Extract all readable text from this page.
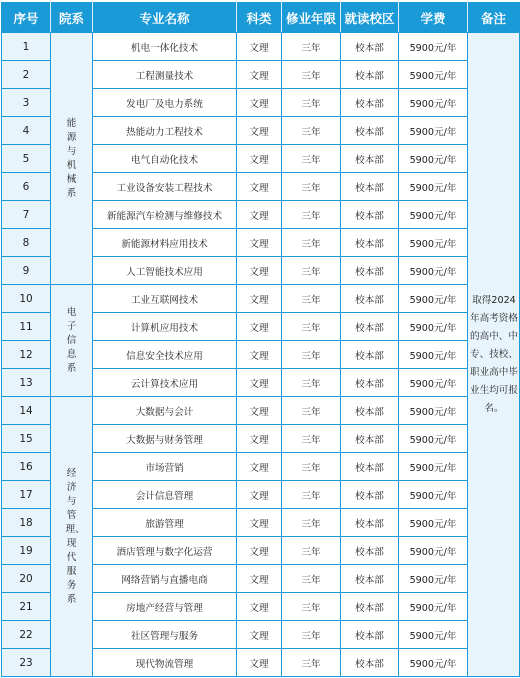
序号	院系	专业名称	科类	修业年限	就读校区	学费	备注
1	能源与机械系	机电一体化技术	文理	三年	校本部	5900元/年	取得2024年高考资格的高中、中专、技校、职业高中毕业生均可报名。
2		工程测量技术	文理	三年	校本部	5900元/年	
3		发电厂及电力系统	文理	三年	校本部	5900元/年	
4		热能动力工程技术	文理	三年	校本部	5900元/年	
5		电气自动化技术	文理	三年	校本部	5900元/年	
6		工业设备安装工程技术	文理	三年	校本部	5900元/年	
7		新能源汽车检测与维修技术	文理	三年	校本部	5900元/年	
8		新能源材料应用技术	文理	三年	校本部	5900元/年	
9		人工智能技术应用	文理	三年	校本部	5900元/年	
10	电子信息系	工业互联网技术	文理	三年	校本部	5900元/年	
11		计算机应用技术	文理	三年	校本部	5900元/年	
12		信息安全技术应用	文理	三年	校本部	5900元/年	
13		云计算技术应用	文理	三年	校本部	5900元/年	
14	经济与管理、现代服务系	大数据与会计	文理	三年	校本部	5900元/年	
15		大数据与财务管理	文理	三年	校本部	5900元/年	
16		市场营销	文理	三年	校本部	5900元/年	
17		会计信息管理	文理	三年	校本部	5900元/年	
18		旅游管理	文理	三年	校本部	5900元/年	
19		酒店管理与数字化运营	文理	三年	校本部	5900元/年	
20		网络营销与直播电商	文理	三年	校本部	5900元/年	
21		房地产经营与管理	文理	三年	校本部	5900元/年	
22		社区管理与服务	文理	三年	校本部	5900元/年	
23		现代物流管理	文理	三年	校本部	5900元/年	
